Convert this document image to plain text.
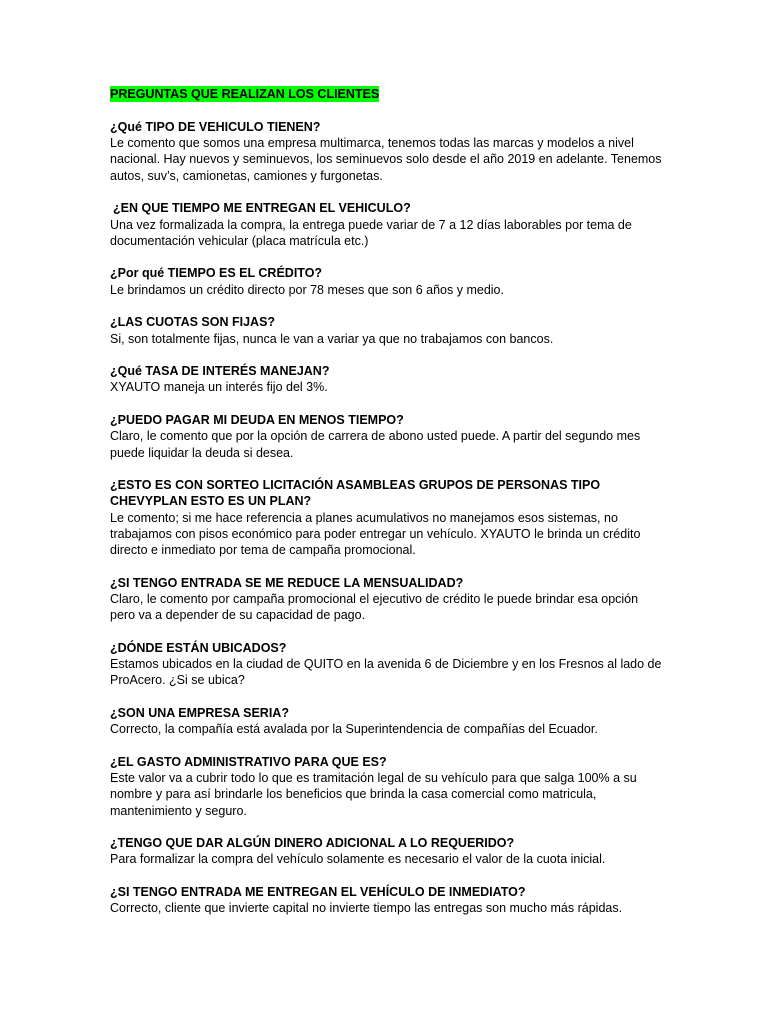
PREGUNTAS QUE REALIZAN LOS CLIENTES

¿Qué TIPO DE VEHICULO TIENEN?

Le comento que somos una empresa multimarca, tenemos todas las marcas y modelos a nivel nacional. Hay nuevos y seminuevos, los seminuevos solo desde el año 2019 en adelante. Tenemos autos, suv’s, camionetas, camiones y furgonetas.

¿EN QUE TIEMPO ME ENTREGAN EL VEHICULO?

Una vez formalizada la compra, la entrega puede variar de 7 a 12 días laborables por tema de documentación vehicular (placa matrícula etc.)

¿Por qué TIEMPO ES EL CRÉDITO?

Le brindamos un crédito directo por 78 meses que son 6 años y medio.

¿LAS CUOTAS SON FIJAS?

Si, son totalmente fijas, nunca le van a variar ya que no trabajamos con bancos.

¿Qué TASA DE INTERÉS MANEJAN?

XYAUTO maneja un interés fijo del 3%.

¿PUEDO PAGAR MI DEUDA EN MENOS TIEMPO?

Claro, le comento que por la opción de carrera de abono usted puede. A partir del segundo mes puede liquidar la deuda si desea.

¿ESTO ES CON SORTEO LICITACIÓN ASAMBLEAS GRUPOS DE PERSONAS TIPO CHEVYPLAN ESTO ES UN PLAN?

Le comento; si me hace referencia a planes acumulativos no manejamos esos sistemas, no trabajamos con pisos económico para poder entregar un vehículo. XYAUTO le brinda un crédito directo e inmediato por tema de campaña promocional.

¿SI TENGO ENTRADA SE ME REDUCE LA MENSUALIDAD?

Claro, le comento por campaña promocional el ejecutivo de crédito le puede brindar esa opción pero va a depender de su capacidad de pago.

¿DÓNDE ESTÁN UBICADOS?

Estamos ubicados en la ciudad de QUITO en la avenida 6 de Diciembre y en los Fresnos al lado de ProAcero. ¿Si se ubica?

¿SON UNA EMPRESA SERIA?

Correcto, la compañía está avalada por la Superintendencia de compañías del Ecuador.

¿EL GASTO ADMINISTRATIVO PARA QUE ES?

Este valor va a cubrir todo lo que es tramitación legal de su vehículo para que salga 100% a su nombre y para así brindarle los beneficios que brinda la casa comercial como matricula, mantenimiento y seguro.

¿TENGO QUE DAR ALGÚN DINERO ADICIONAL A LO REQUERIDO?

Para formalizar la compra del vehículo solamente es necesario el valor de la cuota inicial.

¿SI TENGO ENTRADA ME ENTREGAN EL VEHÍCULO DE INMEDIATO?

Correcto, cliente que invierte capital no invierte tiempo las entregas son mucho más rápidas.
